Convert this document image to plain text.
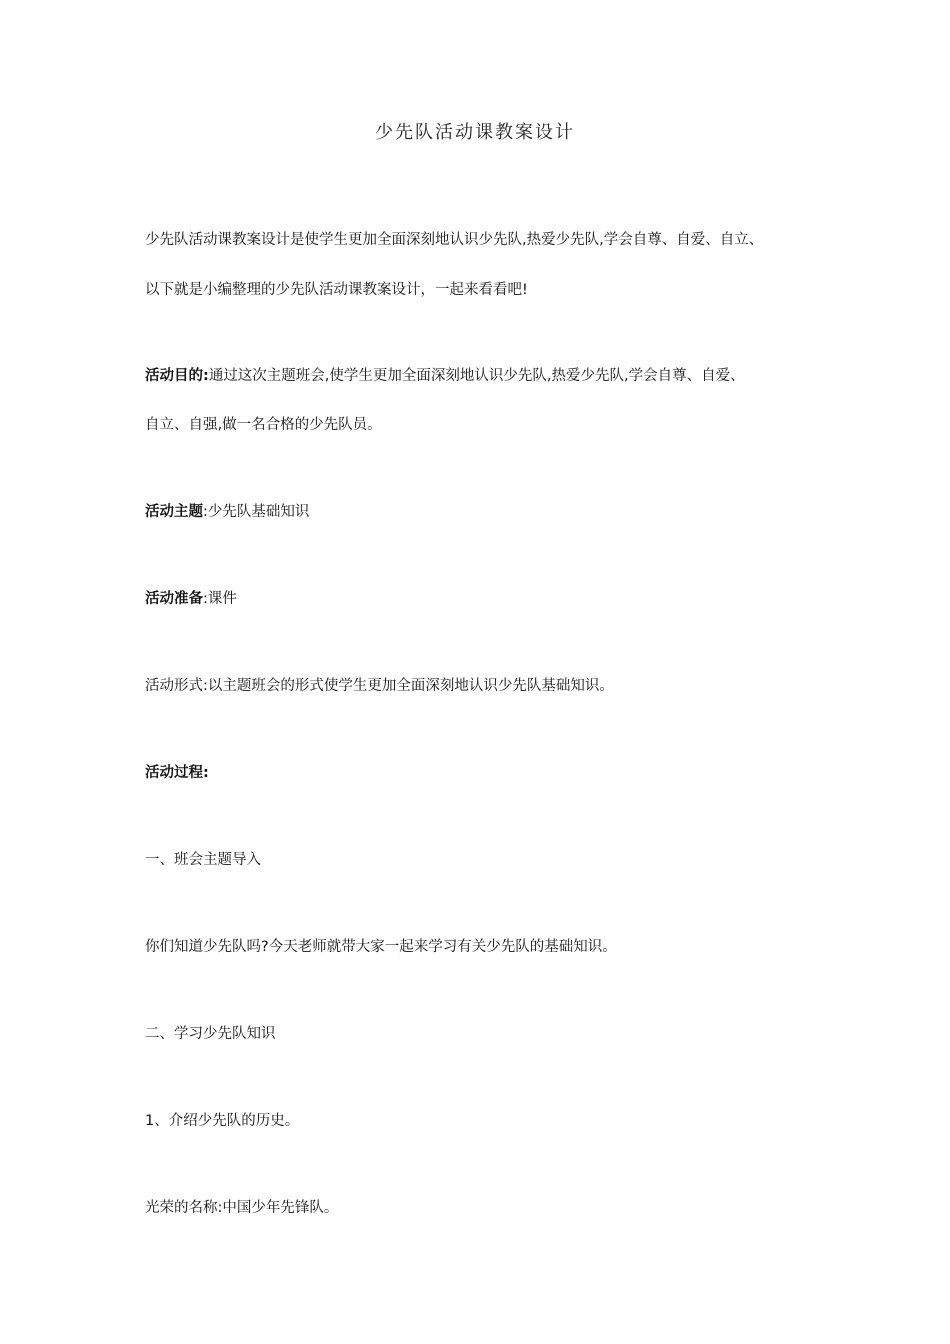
少先队活动课教案设计

少先队活动课教案设计是使学生更加全面深刻地认识少先队,热爱少先队,学会自尊、自爱、自立、

以下就是小编整理的少先队活动课教案设计，一起来看看吧!

活动目的:通过这次主题班会,使学生更加全面深刻地认识少先队,热爱少先队,学会自尊、自爱、

自立、自强,做一名合格的少先队员。

活动主题:少先队基础知识

活动准备:课件

活动形式:以主题班会的形式使学生更加全面深刻地认识少先队基础知识。

活动过程:

一、班会主题导入

你们知道少先队吗?今天老师就带大家一起来学习有关少先队的基础知识。

二、学习少先队知识

1、介绍少先队的历史。

光荣的名称:中国少年先锋队。
